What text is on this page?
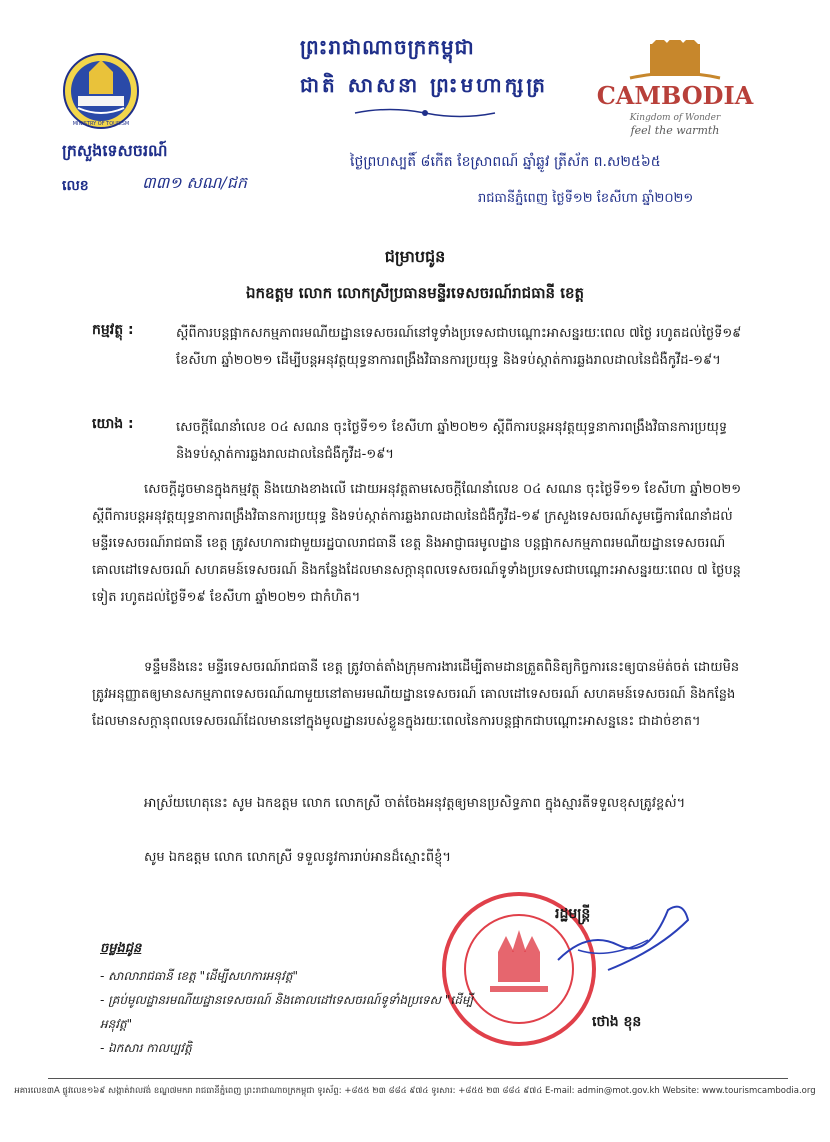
ព្រះរាជាណាចក្រកម្ពុជា
ជាតិ សាសនា ព្រះមហាក្សត្រ
MINISTRY OF TOURISM
CAMBODIA
Kingdom of Wonder
feel the warmth
ក្រសួងទេសចរណ៍
លេខ	៣៣១ សណ/ជក
ថ្ងៃព្រហស្បតិ៍ ៨កើត ខែស្រាពណ៍ ឆ្នាំឆ្លូវ ត្រីស័ក ព.ស២៥៦៥
រាជធានីភ្នំពេញ ថ្ងៃទី១២ ខែសីហា ឆ្នាំ២០២១
ជម្រាបជូន
ឯកឧត្តម លោក លោកស្រីប្រធានមន្ទីរទេសចរណ៍រាជធានី ខេត្ត
កម្មវត្ថុ :	ស្តីពីការបន្តផ្អាកសកម្មភាពរមណីយដ្ឋានទេសចរណ៍នៅទូទាំងប្រទេសជាបណ្តោះអាសន្នរយៈពេល ៧ថ្ងៃ រហូតដល់ថ្ងៃទី១៩ ខែសីហា ឆ្នាំ២០២១ ដើម្បីបន្តអនុវត្តយុទ្ធនាការពង្រឹងវិធានការប្រយុទ្ធ និងទប់ស្កាត់ការឆ្លងរាលដាលនៃជំងឺកូវីដ-១៩។
យោង :	សេចក្តីណែនាំលេខ ០៤ សណន ចុះថ្ងៃទី១១ ខែសីហា ឆ្នាំ២០២១ ស្តីពីការបន្តអនុវត្តយុទ្ធនាការពង្រឹងវិធានការប្រយុទ្ធ និងទប់ស្កាត់ការឆ្លងរាលដាលនៃជំងឺកូវីដ-១៩។
សេចក្តីដូចមានក្នុងកម្មវត្ថុ និងយោងខាងលើ ដោយអនុវត្តតាមសេចក្តីណែនាំលេខ ០៤ សណន ចុះថ្ងៃទី១១ ខែសីហា ឆ្នាំ២០២១ ស្តីពីការបន្តអនុវត្តយុទ្ធនាការពង្រឹងវិធានការប្រយុទ្ធ និងទប់ស្កាត់ការឆ្លងរាលដាលនៃជំងឺកូវីដ-១៩ ក្រសួងទេសចរណ៍សូមធ្វើការណែនាំដល់មន្ទីរទេសចរណ៍រាជធានី ខេត្ត ត្រូវសហការជាមួយរដ្ឋបាលរាជធានី ខេត្ត និងអាជ្ញាធរមូលដ្ឋាន បន្តផ្អាកសកម្មភាពរមណីយដ្ឋានទេសចរណ៍ គោលដៅទេសចរណ៍ សហគមន៍ទេសចរណ៍ និងកន្លែងដែលមានសក្តានុពលទេសចរណ៍ទូទាំងប្រទេសជាបណ្តោះអាសន្នរយៈពេល ៧ ថ្ងៃបន្តទៀត រហូតដល់ថ្ងៃទី១៩ ខែសីហា ឆ្នាំ២០២១ ជាកំហិត។
ទន្ទឹមនឹងនេះ មន្ទីរទេសចរណ៍រាជធានី ខេត្ត ត្រូវចាត់តាំងក្រុមការងារដើម្បីតាមដានត្រួតពិនិត្យកិច្ចការនេះឲ្យបានម៉ត់ចត់ ដោយមិនត្រូវអនុញ្ញាតឲ្យមានសកម្មភាពទេសចរណ៍ណាមួយនៅតាមរមណីយដ្ឋានទេសចរណ៍ គោលដៅទេសចរណ៍ សហគមន៍ទេសចរណ៍ និងកន្លែងដែលមានសក្តានុពលទេសចរណ៍ដែលមាននៅក្នុងមូលដ្ឋានរបស់ខ្លួនក្នុងរយៈពេលនៃការបន្តផ្អាកជាបណ្តោះអាសន្ននេះ ជាដាច់ខាត។
អាស្រ័យហេតុនេះ សូម ឯកឧត្តម លោក លោកស្រី ចាត់ចែងអនុវត្តឲ្យមានប្រសិទ្ធភាព ក្នុងស្មារតីទទួលខុសត្រូវខ្ពស់។
សូម ឯកឧត្តម លោក លោកស្រី ទទួលនូវការរាប់អានដ៏ស្មោះពីខ្ញុំ។
រដ្ឋមន្ត្រី
ថោង ខុន
ចម្លងជូន
- សាលារាជធានី ខេត្ត "ដើម្បីសហការអនុវត្ត"
- គ្រប់មូលដ្ឋានរមណីយដ្ឋានទេសចរណ៍ និងគោលដៅទេសចរណ៍ទូទាំងប្រទេស "ដើម្បីអនុវត្ត"
- ឯកសារ កាលប្បវត្តិ
អគារលេខ៣A ផ្លូវលេខ១៦៩ សង្កាត់វាលវង់ ខណ្ឌ៧មករា រាជធានីភ្នំពេញ ព្រះរាជាណាចក្រកម្ពុជា ទូរស័ព្ទ: +៨៥៥ ២៣ ៨៨៤ ៩៧៤ ទូរសារ: +៨៥៥ ២៣ ៨៨៤ ៩៧៤ E-mail: admin@mot.gov.kh Website: www.tourismcambodia.org
